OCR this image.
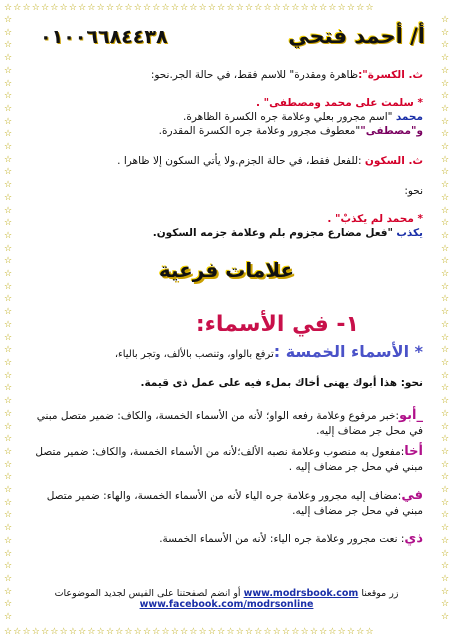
☆☆☆☆☆☆☆☆☆☆☆☆☆☆☆☆☆☆☆☆☆☆☆☆☆☆☆☆☆☆☆☆☆☆☆☆☆☆☆☆
☆☆☆☆☆☆☆☆☆☆☆☆☆☆☆☆☆☆☆☆☆☆☆☆☆☆☆☆☆☆☆☆☆☆☆☆☆☆☆☆
☆☆☆☆☆☆☆☆☆☆☆☆☆☆☆☆☆☆☆☆☆☆☆☆☆☆☆☆☆☆☆☆☆☆☆☆☆☆☆☆☆☆☆☆☆☆☆☆
☆☆☆☆☆☆☆☆☆☆☆☆☆☆☆☆☆☆☆☆☆☆☆☆☆☆☆☆☆☆☆☆☆☆☆☆☆☆☆☆☆☆☆☆☆☆☆☆
أ/ أحمد فتحي
٠١٠٠٦٦٨٤٤٣٨
ث. الكسرة":ظاهرة ومقدرة" للاسم فقط، في حالة الجر.نحو:
* سلمت على محمد ومصطفى" .
محمد "اسم مجرور بعلي وعلامة جره الكسرة الظاهرة.
و"مصطفى""معطوف مجرور وعلامة جره الكسرة المقدرة.
ث. السكون :للفعل فقط، في حالة الجزم.ولا يأتي السكون إلا ظاهرا .
نحو:
* محمد لم يكذبْ" .
يكذب "فعل مضارع مجزوم بلم وعلامة جزمه السكون.
علامات فرعية
١- في الأسماء:
* الأسماء الخمسة :ترفع بالواو، وتنصب بالألف، وتجر بالياء،
نحو: هذا أبوك يهنى أخاك بملء فيه على عمل ذى قيمة.
_أبو:خبر مرفوع وعلامة رفعه الواو؛ لأنه من الأسماء الخمسة، والكاف: ضمير متصل مبني في محل جر مضاف إليه.
أخا:مفعول به منصوب وعلامة نصبه الألف؛لأنه من الأسماء الخمسة، والكاف: ضمير متصل مبني في محل جر مضاف إليه .
في:مضاف إليه مجرور وعلامة جره الياء لأنه من الأسماء الخمسة، والهاء: ضمير متصل مبني في محل جر مضاف إليه.
ذي: نعت مجرور وعلامة جره الياء: لأنه من الأسماء الخمسة.
زر موقعنا www.modrsbook.com أو انضم لصفحتنا على الفيس لجديد الموضوعات
www.facebook.com/modrsonline
